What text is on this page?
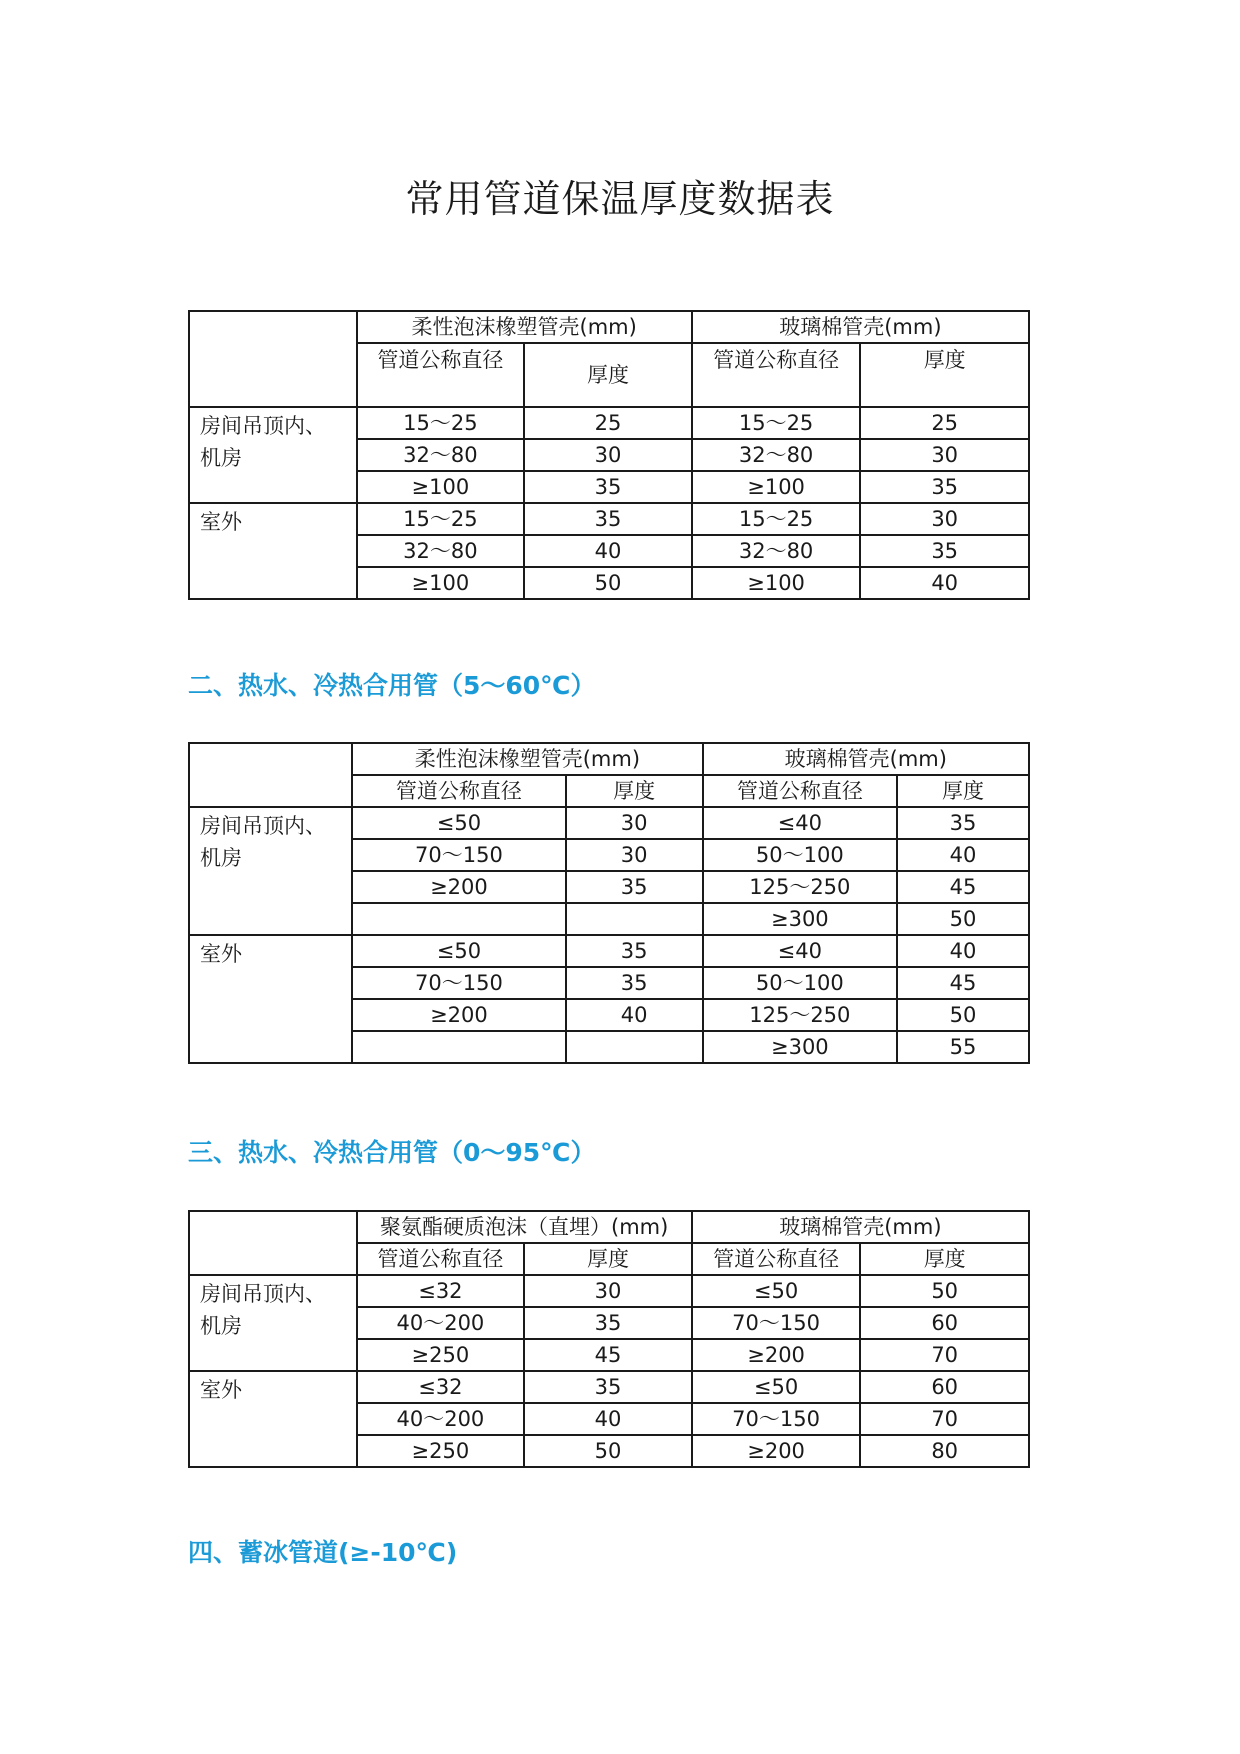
常用管道保温厚度数据表
	柔性泡沫橡塑管壳(mm)		玻璃棉管壳(mm)	
	管道公称直径	厚度	管道公称直径	厚度
房间吊顶内、
机房	15～25	25	15～25	25
	32～80	30	32～80	30
	≥100	35	≥100	35
室外	15～25	35	15～25	30
	32～80	40	32～80	35
	≥100	50	≥100	40
二、热水、冷热合用管（5～60℃）
	柔性泡沫橡塑管壳(mm)		玻璃棉管壳(mm)	
	管道公称直径	厚度	管道公称直径	厚度
房间吊顶内、
机房	≤50	30	≤40	35
	70～150	30	50～100	40
	≥200	35	125～250	45
			≥300	50
室外	≤50	35	≤40	40
	70～150	35	50～100	45
	≥200	40	125～250	50
			≥300	55
三、热水、冷热合用管（0～95℃）
	聚氨酯硬质泡沫（直埋）(mm)		玻璃棉管壳(mm)	
	管道公称直径	厚度	管道公称直径	厚度
房间吊顶内、
机房	≤32	30	≤50	50
	40～200	35	70～150	60
	≥250	45	≥200	70
室外	≤32	35	≤50	60
	40～200	40	70～150	70
	≥250	50	≥200	80
四、蓄冰管道(≥-10℃)
